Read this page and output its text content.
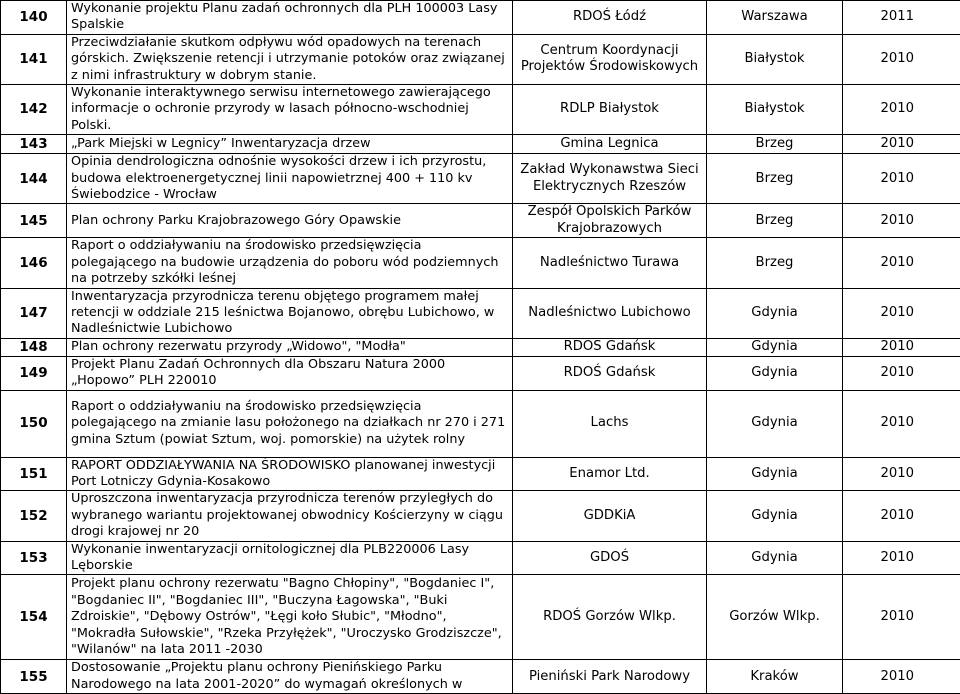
140	Wykonanie projektu Planu zadań ochronnych dla PLH 100003 Lasy Spalskie	RDOŚ Łódź	Warszawa	2011
141	Przeciwdziałanie skutkom odpływu wód opadowych na terenach górskich. Zwiększenie retencji i utrzymanie potoków oraz związanej z nimi infrastruktury w dobrym stanie.	Centrum Koordynacji Projektów Środowiskowych	Białystok	2010
142	Wykonanie interaktywnego serwisu internetowego zawierającego informacje o ochronie przyrody w lasach północno-wschodniej Polski.	RDLP Białystok	Białystok	2010
143	„Park Miejski w Legnicy” Inwentaryzacja drzew	Gmina Legnica	Brzeg	2010
144	Opinia dendrologiczna odnośnie wysokości drzew i ich przyrostu, budowa elektroenergetycznej linii napowietrznej 400 + 110 kv Świebodzice - Wrocław	Zakład Wykonawstwa Sieci Elektrycznych Rzeszów	Brzeg	2010
145	Plan ochrony Parku Krajobrazowego Góry Opawskie	Zespół Opolskich Parków Krajobrazowych	Brzeg	2010
146	Raport o oddziaływaniu na środowisko przedsięwzięcia polegającego na budowie urządzenia do poboru wód podziemnych na potrzeby szkółki leśnej	Nadleśnictwo Turawa	Brzeg	2010
147	Inwentaryzacja przyrodnicza terenu objętego programem małej retencji w oddziale 215 leśnictwa Bojanowo, obrębu Lubichowo, w Nadleśnictwie Lubichowo	Nadleśnictwo Lubichowo	Gdynia	2010
148	Plan ochrony rezerwatu przyrody „Widowo", "Modła"	RDOŚ Gdańsk	Gdynia	2010
149	Projekt Planu Zadań Ochronnych dla Obszaru Natura 2000 „Hopowo” PLH 220010	RDOŚ Gdańsk	Gdynia	2010
150	Raport o oddziaływaniu na środowisko przedsięwzięcia polegającego na zmianie lasu położonego na działkach nr 270 i 271 gmina Sztum (powiat Sztum, woj. pomorskie) na użytek rolny	Lachs	Gdynia	2010
151	RAPORT ODDZIAŁYWANIA NA ŚRODOWISKO planowanej inwestycji Port Lotniczy Gdynia-Kosakowo	Enamor Ltd.	Gdynia	2010
152	Uproszczona inwentaryzacja przyrodnicza terenów przyległych do wybranego wariantu projektowanej obwodnicy Kościerzyny w ciągu drogi krajowej nr 20	GDDKiA	Gdynia	2010
153	Wykonanie inwentaryzacji ornitologicznej dla PLB220006 Lasy Lęborskie	GDOŚ	Gdynia	2010
154	Projekt planu ochrony rezerwatu "Bagno Chłopiny", "Bogdaniec I", "Bogdaniec II", "Bogdaniec III", "Buczyna Łagowska", "Buki Zdroiskie", "Dębowy Ostrów", "Łęgi koło Słubic", "Młodno", "Mokradła Sułowskie", "Rzeka Przyłężek", "Uroczysko Grodziszcze", "Wilanów" na lata 2011 -2030	RDOŚ Gorzów Wlkp.	Gorzów Wlkp.	2010
155	Dostosowanie „Projektu planu ochrony Pienińskiego Parku Narodowego na lata 2001-2020” do wymagań określonych w	Pieniński Park Narodowy	Kraków	2010
